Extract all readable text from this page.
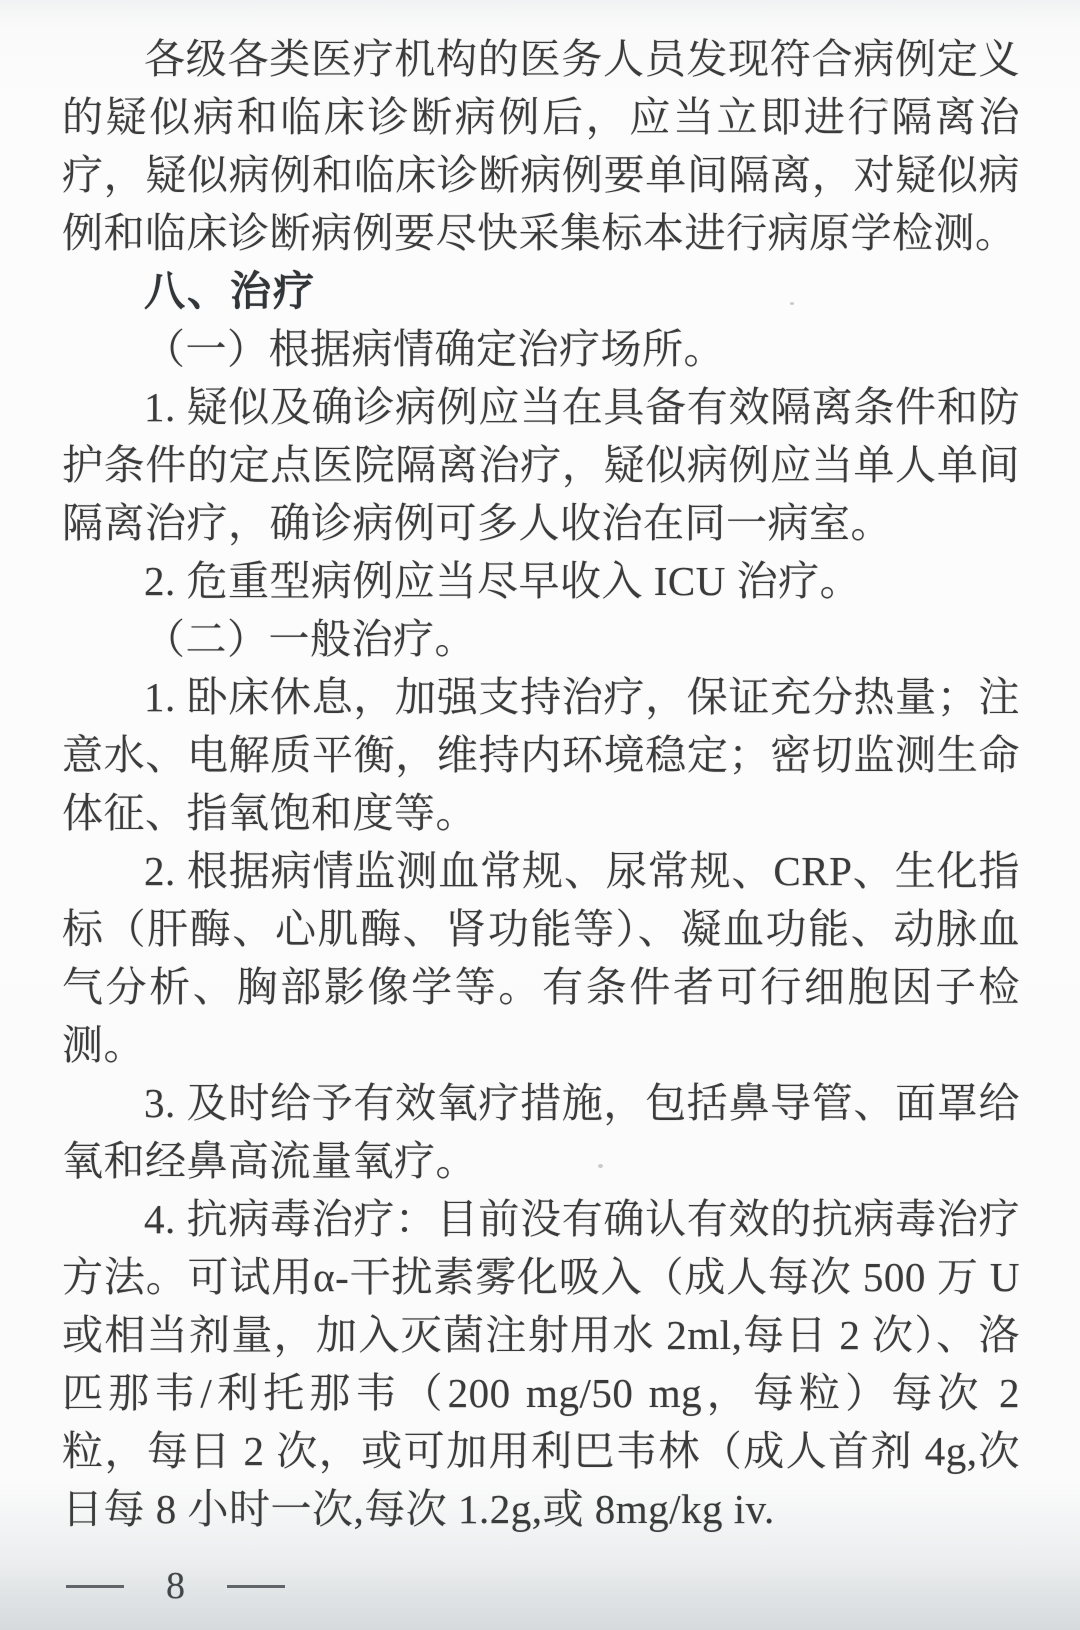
各级各类医疗机构的医务人员发现符合病例定义的疑似病和临床诊断病例后，应当立即进行隔离治疗，疑似病例和临床诊断病例要单间隔离，对疑似病例和临床诊断病例要尽快采集标本进行病原学检测。

八、治疗

（一）根据病情确定治疗场所。

1. 疑似及确诊病例应当在具备有效隔离条件和防护条件的定点医院隔离治疗，疑似病例应当单人单间隔离治疗，确诊病例可多人收治在同一病室。

2. 危重型病例应当尽早收入 ICU 治疗。

（二）一般治疗。

1. 卧床休息，加强支持治疗，保证充分热量；注意水、电解质平衡，维持内环境稳定；密切监测生命体征、指氧饱和度等。

2. 根据病情监测血常规、尿常规、CRP、生化指标（肝酶、心肌酶、肾功能等）、凝血功能、动脉血气分析、胸部影像学等。有条件者可行细胞因子检测。

3. 及时给予有效氧疗措施，包括鼻导管、面罩给氧和经鼻高流量氧疗。

4. 抗病毒治疗：目前没有确认有效的抗病毒治疗方法。可试用α-干扰素雾化吸入（成人每次 500 万 U 或相当剂量，加入灭菌注射用水 2ml,每日 2 次）、洛匹那韦/利托那韦（200 mg/50 mg，每粒）每次 2 粒，每日 2 次，或可加用利巴韦林（成人首剂 4g,次日每 8 小时一次,每次 1.2g,或 8mg/kg iv.

8
